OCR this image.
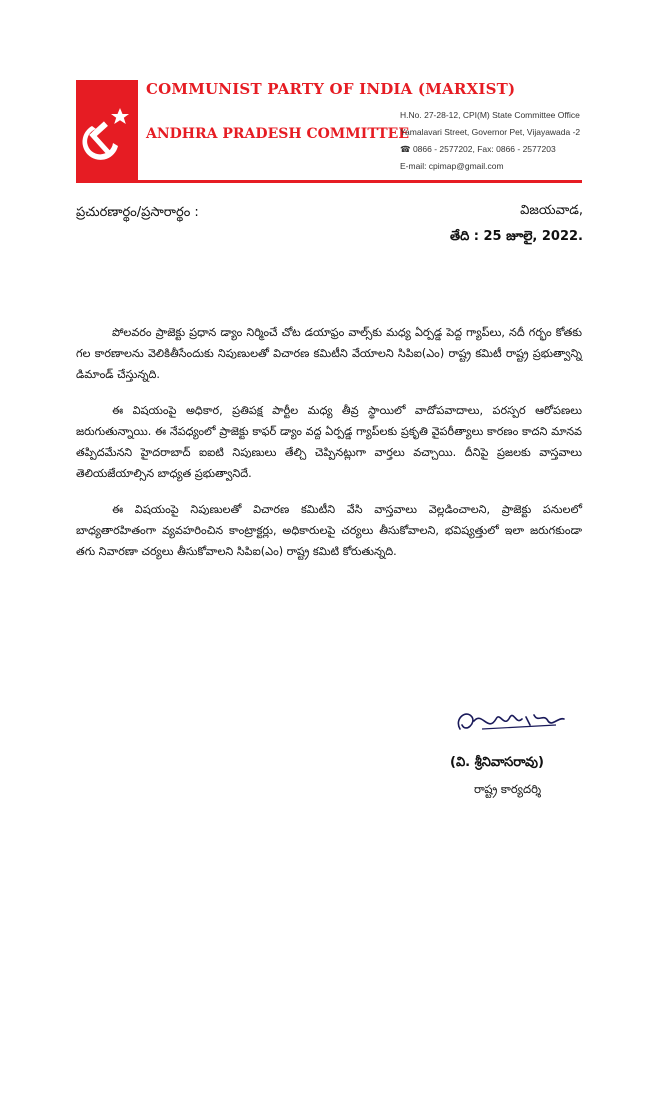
COMMUNIST PARTY OF INDIA (MARXIST)
ANDHRA PRADESH COMMITTEE
H.No. 27-28-12, CPI(M) State Committee Office
Yamalavari Street, Governor Pet, Vijayawada -2
☎ 0866 - 2577202, Fax: 0866 - 2577203
E-mail: cpimap@gmail.com
ప్రచురణార్థం/ప్రసారార్థం :	విజయవాడ,
తేది : 25 జూలై, 2022.

పోలవరం ప్రాజెక్టు ప్రధాన డ్యాం నిర్మించే చోట డయాఫ్రం వాల్స్‌కు మధ్య ఏర్పడ్డ పెద్ద గ్యాప్‌లు, నదీ గర్భం కోతకు గల కారణాలను వెలికితీసేందుకు నిపుణులతో విచారణ కమిటీని వేయాలని సిపిఐ(ఎం) రాష్ట్ర కమిటీ రాష్ట్ర ప్రభుత్వాన్ని డిమాండ్ చేస్తున్నది.

ఈ విషయంపై అధికార, ప్రతిపక్ష పార్టీల మధ్య తీవ్ర స్థాయిలో వాదోపవాదాలు, పరస్పర ఆరోపణలు జరుగుతున్నాయి. ఈ నేపధ్యంలో ప్రాజెక్టు కాఫర్ డ్యాం వద్ద ఏర్పడ్డ గ్యాప్‌లకు ప్రకృతి వైపరీత్యాలు కారణం కాదని మానవ తప్పిదమేనని హైదరాబాద్ ఐఐటి నిపుణులు తేల్చి చెప్పినట్లుగా వార్తలు వచ్చాయి. దీనిపై ప్రజలకు వాస్తవాలు తెలియజేయాల్సిన బాధ్యత ప్రభుత్వానిదే.

ఈ విషయంపై నిపుణులతో విచారణ కమిటీని వేసి వాస్తవాలు వెల్లడించాలని, ప్రాజెక్టు పనులలో బాధ్యతారహితంగా వ్యవహరించిన కాంట్రాక్టర్లు, అధికారులపై చర్యలు తీసుకోవాలని, భవిష్యత్తులో ఇలా జరుగకుండా తగు నివారణా చర్యలు తీసుకోవాలని సిపిఐ(ఎం) రాష్ట్ర కమిటి కోరుతున్నది.

(వి. శ్రీనివాసరావు)
రాష్ట్ర కార్యదర్శి
